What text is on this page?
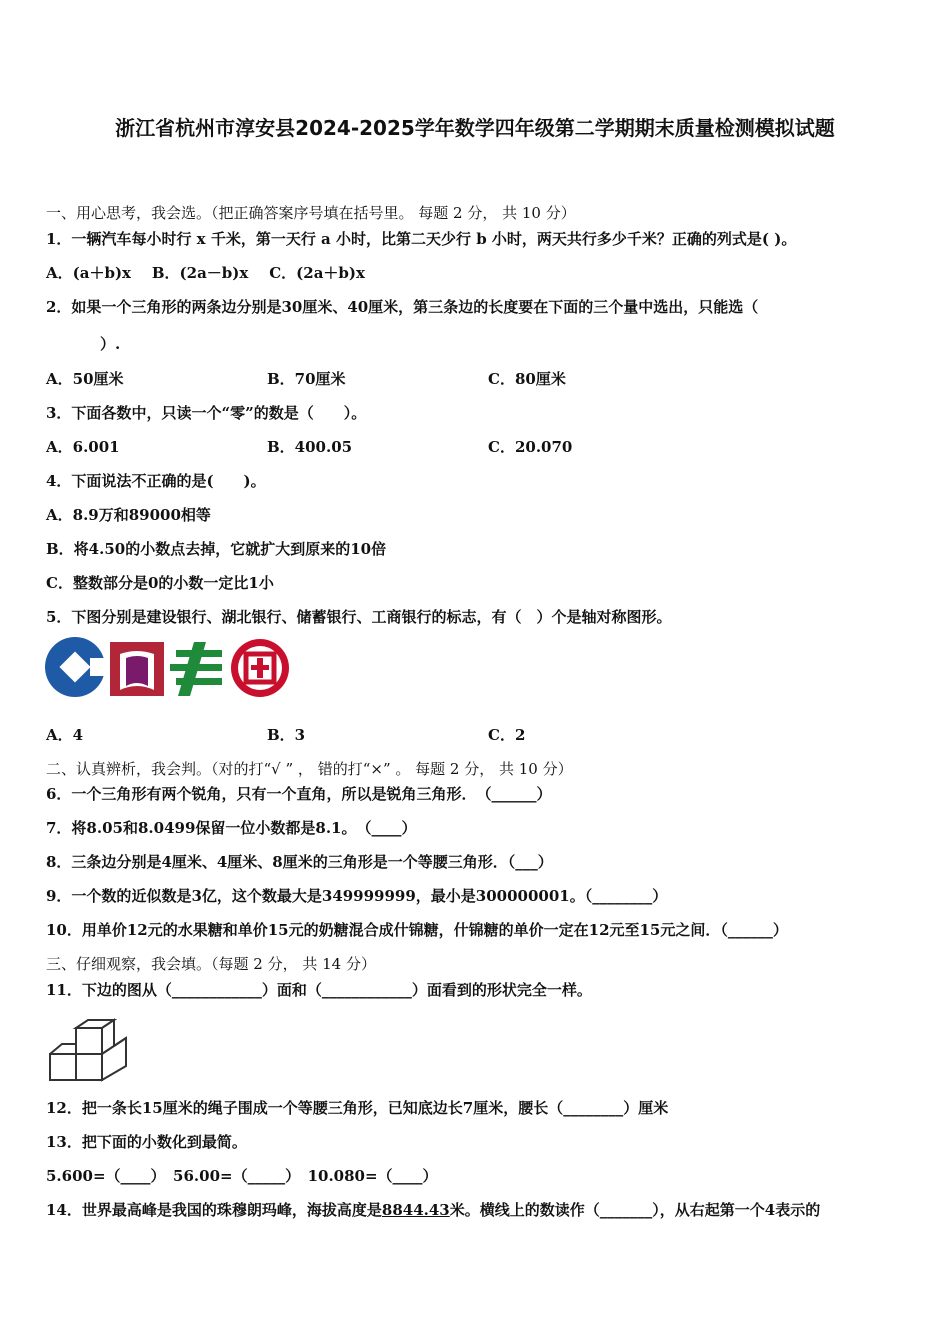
浙江省杭州市淳安县2024-2025学年数学四年级第二学期期末质量检测模拟试题
一、用心思考，我会选。（把正确答案序号填在括号里。 每题 2 分， 共 10 分）
1．一辆汽车每小时行 x 千米，第一天行 a 小时，比第二天少行 b 小时，两天共行多少千米？正确的列式是( )。
A．(a＋b)x    B．(2a－b)x    C．(2a＋b)x
2．如果一个三角形的两条边分别是30厘米、40厘米，第三条边的长度要在下面的三个量中选出，只能选（
）.
A．50厘米	B．70厘米	C．80厘米
3．下面各数中，只读一个“零”的数是（　　）。
A．6.001	B．400.05	C．20.070
4．下面说法不正确的是(　　)。
A．8.9万和89000相等
B．将4.50的小数点去掉，它就扩大到原来的10倍
C．整数部分是0的小数一定比1小
5．下图分别是建设银行、湖北银行、储蓄银行、工商银行的标志，有（　）个是轴对称图形。
A．4	B．3	C．2
二、认真辨析，我会判。（对的打“√ ” ， 错的打“×” 。 每题 2 分， 共 10 分）
6．一个三角形有两个锐角，只有一个直角，所以是锐角三角形．　（______）
7．将8.05和8.0499保留一位小数都是8.1。　（____）
8．三条边分别是4厘米、4厘米、8厘米的三角形是一个等腰三角形．（___）
9．一个数的近似数是3亿，这个数最大是349999999，最小是300000001。（________）
10．用单价12元的水果糖和单价15元的奶糖混合成什锦糖，什锦糖的单价一定在12元至15元之间．（______）
三、仔细观察，我会填。（每题 2 分， 共 14 分）
11．下边的图从（____________）面和（____________）面看到的形状完全一样。
12．把一条长15厘米的绳子围成一个等腰三角形，已知底边长7厘米，腰长（________）厘米
13．把下面的小数化到最简。
5.600=（____）　56.00=（_____）　10.080=（____）
14．世界最高峰是我国的珠穆朗玛峰，海拔高度是8844.43米。横线上的数读作（_______），从右起第一个4表示的
